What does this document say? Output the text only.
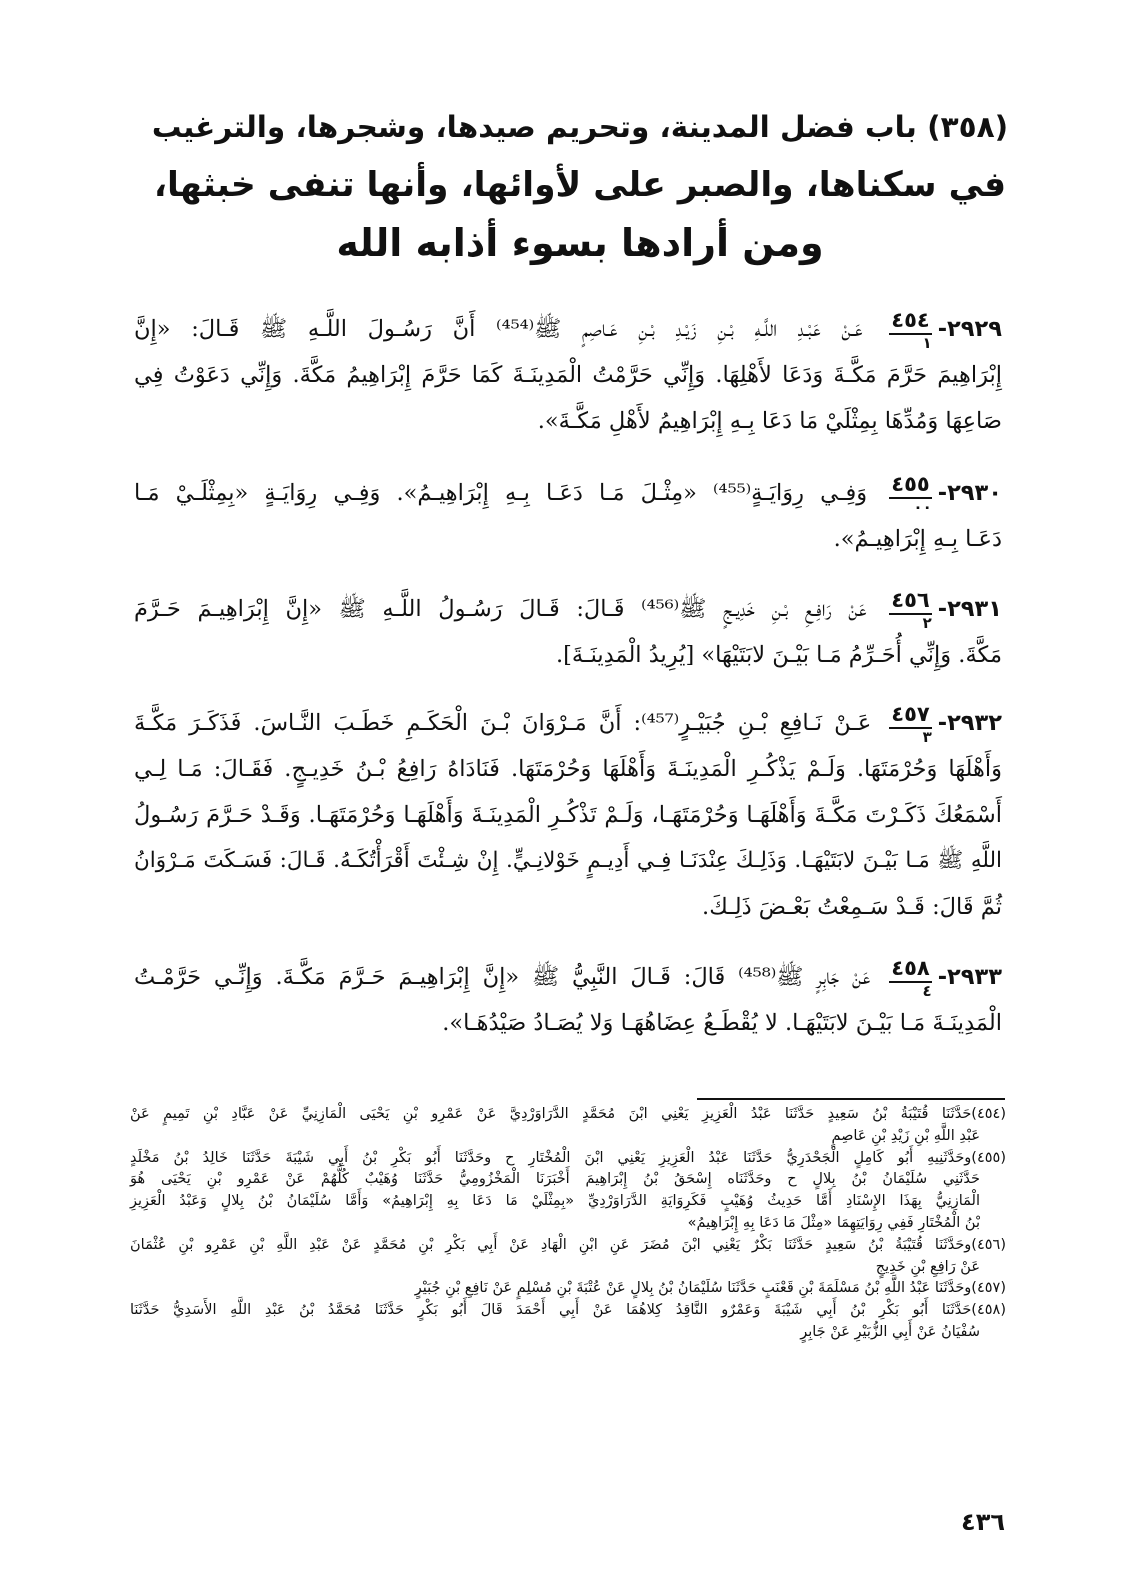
(٣٥٨) باب فضل المدينة، وتحريم صيدها، وشجرها، والترغيب
في سكناها، والصبر على لأوائها، وأنها تنفى خبثها،
ومن أرادها بسوء أذابه الله
٢٩٢٩-
$\frac{٤٥٤}{١}$
عَـنْ عَبْـدِ اللَّـهِ بْـنِ زَيْـدِ بْـنِ عَـاصِمٍ ﷺ⁽⁴⁵⁴⁾ أَنَّ رَسُـولَ اللَّـهِ ﷺ قَـالَ: «إِنَّ
إِبْرَاهِيمَ حَرَّمَ مَكَّـةَ وَدَعَا لأَهْلِهَا. وَإِنِّي حَرَّمْتُ الْمَدِينَـةَ كَمَا حَرَّمَ إِبْرَاهِيمُ مَكَّةَ. وَإِنِّي دَعَوْتُ فِي
صَاعِهَا وَمُدِّهَا بِمِثْلَيْ مَا دَعَا بِـهِ إِبْرَاهِيمُ لأَهْلِ مَكَّـةَ».
٢٩٣٠-
$\frac{٤٥٥}{٠٠}$
وَفِـي رِوَايَـةٍ⁽⁴⁵⁵⁾ «مِثْـلَ مَـا دَعَـا بِـهِ إِبْرَاهِيـمُ». وَفِـي رِوَايَـةٍ «بِمِثْلَـيْ مَـا
دَعَـا بِـهِ إِبْرَاهِيـمُ».
٢٩٣١-
$\frac{٤٥٦}{٢}$
عَنْ رَافِـعِ بْـنِ خَدِيـجٍ ﷺ⁽⁴⁵⁶⁾ قَـالَ: قَـالَ رَسُـولُ اللَّـهِ ﷺ «إِنَّ إِبْرَاهِيـمَ حَـرَّمَ
مَكَّةَ. وَإِنِّي أُحَـرِّمُ مَـا بَيْـنَ لابَتَيْهَا» [يُرِيدُ الْمَدِينَـةَ].
٢٩٣٢-
$\frac{٤٥٧}{٣}$
عَـنْ نَـافِعِ بْـنِ جُبَيْـرٍ⁽⁴⁵⁷⁾: أَنَّ مَـرْوَانَ بْـنَ الْحَكَـمِ خَطَـبَ النَّـاسَ. فَذَكَـرَ مَكَّـةَ
وَأَهْلَهَا وَحُرْمَتَهَا. وَلَـمْ يَذْكُـرِ الْمَدِينَـةَ وَأَهْلَهَا وَحُرْمَتَهَا. فَنَادَاهُ رَافِعُ بْـنُ خَدِيـجٍ. فَقَـالَ: مَـا لِـي
أَسْمَعُكَ ذَكَـرْتَ مَكَّـةَ وَأَهْلَهَـا وَحُرْمَتَهَـا، وَلَـمْ تَذْكُـرِ الْمَدِينَـةَ وَأَهْلَهَـا وَحُرْمَتَهَـا. وَقَـدْ حَـرَّمَ رَسُـولُ
اللَّهِ ﷺ مَـا بَيْـنَ لابَتَيْهَـا. وَذَلِـكَ عِنْدَنَـا فِـي أَدِيـمٍ خَوْلانِـيٍّ. إِنْ شِـئْتَ أَقْرَأْتُكَـهُ. قَـالَ: فَسَـكَتَ مَـرْوَانُ
ثُمَّ قَالَ: قَـدْ سَـمِعْتُ بَعْـضَ ذَلِـكَ.
٢٩٣٣-
$\frac{٤٥٨}{٤}$
عَنْ جَابِرٍ ﷺ⁽⁴⁵⁸⁾ قَالَ: قَـالَ النَّبِيُّ ﷺ «إِنَّ إِبْرَاهِيـمَ حَـرَّمَ مَكَّـةَ. وَإِنِّـي حَرَّمْـتُ
الْمَدِينَـةَ مَـا بَيْـنَ لابَتَيْهَـا. لا يُقْطَـعُ عِضَاهُهَـا وَلا يُصَـادُ صَيْدُهَـا».
(٤٥٤)حَدَّثَنَا قُتَيْبَةُ بْنُ سَعِيدٍ حَدَّثَنَا عَبْدُ الْعَزِيزِ يَعْنِي ابْنَ مُحَمَّدٍ الدَّرَاوَرْدِيَّ عَنْ عَمْرِو بْنِ يَحْيَى الْمَازِنِيِّ عَنْ عَبَّادِ بْنِ تَمِيمٍ عَنْ
عَبْدِ اللَّهِ بْنِ زَيْدِ بْنِ عَاصِمٍ
(٤٥٥)وحَدَّثَنِيهِ أَبُو كَامِلٍ الْجَحْدَرِيُّ حَدَّثَنَا عَبْدُ الْعَزِيزِ يَعْنِي ابْنَ الْمُخْتَارِ ح وحَدَّثَنَا أَبُو بَكْرِ بْنُ أَبِي شَيْبَةَ حَدَّثَنَا خَالِدُ بْنُ مَخْلَدٍ
حَدَّثَنِي سُلَيْمَانُ بْنُ بِلالٍ ح وحَدَّثَنَاه إِسْحَقُ بْنُ إِبْرَاهِيمَ أَخْبَرَنَا الْمَخْزُومِيُّ حَدَّثَنَا وُهَيْبٌ كُلُّهُمْ عَنْ عَمْرِو بْنِ يَحْيَى هُوَ
الْمَازِنِيُّ بِهَذَا الإِسْنَادِ أَمَّا حَدِيثُ وُهَيْبٍ فَكَرِوَايَةِ الدَّرَاوَرْدِيِّ «بِمِثْلَيْ مَا دَعَا بِهِ إِبْرَاهِيمُ» وَأَمَّا سُلَيْمَانُ بْنُ بِلالٍ وَعَبْدُ الْعَزِيزِ
بْنُ الْمُخْتَارِ فَفِي رِوَايَتِهِمَا «مِثْلَ مَا دَعَا بِهِ إِبْرَاهِيمُ»
(٤٥٦)وحَدَّثَنَا قُتَيْبَةُ بْنُ سَعِيدٍ حَدَّثَنَا بَكْرٌ يَعْنِي ابْنَ مُضَرَ عَنِ ابْنِ الْهَادِ عَنْ أَبِي بَكْرِ بْنِ مُحَمَّدٍ عَنْ عَبْدِ اللَّهِ بْنِ عَمْرِو بْنِ عُثْمَانَ
عَنْ رَافِعِ بْنِ خَدِيجٍ
(٤٥٧)وحَدَّثَنَا عَبْدُ اللَّهِ بْنُ مَسْلَمَةَ بْنِ قَعْنَبٍ حَدَّثَنَا سُلَيْمَانُ بْنُ بِلالٍ عَنْ عُتْبَةَ بْنِ مُسْلِمٍ عَنْ نَافِعِ بْنِ جُبَيْرٍ
(٤٥٨)حَدَّثَنَا أَبُو بَكْرِ بْنُ أَبِي شَيْبَةَ وَعَمْرٌو النَّاقِدُ كِلاهُمَا عَنْ أَبِي أَحْمَدَ قَالَ أَبُو بَكْرٍ حَدَّثَنَا مُحَمَّدُ بْنُ عَبْدِ اللَّهِ الأَسَدِيُّ حَدَّثَنَا
سُفْيَانُ عَنْ أَبِي الزُّبَيْرِ عَنْ جَابِرٍ
٤٣٦
